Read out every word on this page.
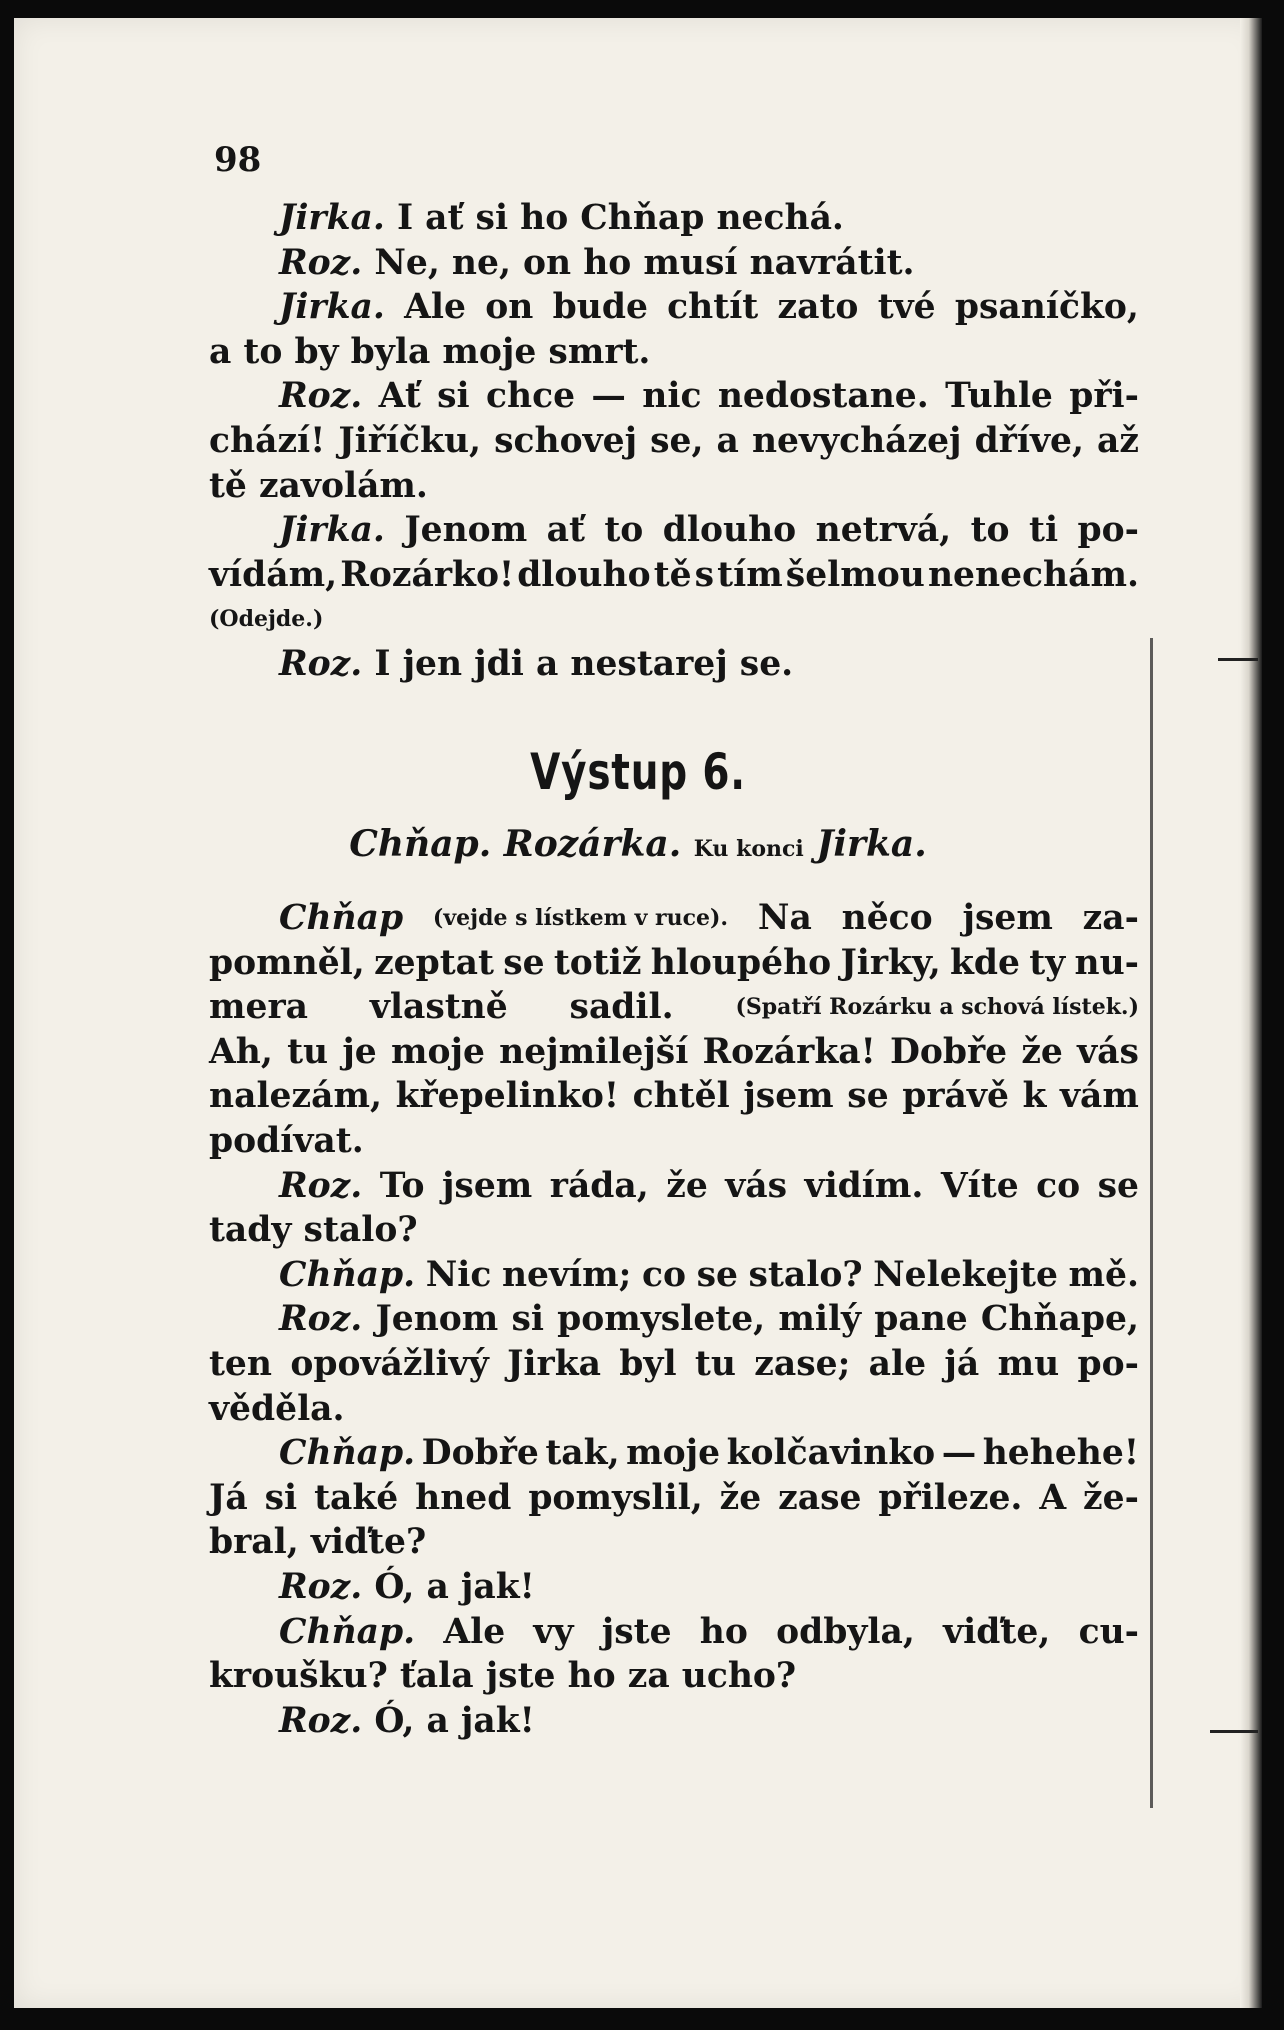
98
Jirka. I ať si ho Chňap nechá.
Roz. Ne, ne, on ho musí navrátit.
Jirka. Ale on bude chtít zato tvé psaníčko,
a to by byla moje smrt.
Roz. Ať si chce — nic nedostane. Tuhle při-
chází! Jiříčku, schovej se, a nevycházej dříve, až
tě zavolám.
Jirka. Jenom ať to dlouho netrvá, to ti po-
vídám, Rozárko! dlouho tě s tím šelmou nenechám.
(Odejde.)
Roz. I jen jdi a nestarej se.
Výstup 6.
Chňap. Rozárka. Ku konci Jirka.
Chňap (vejde s lístkem v ruce). Na něco jsem za-
pomněl, zeptat se totiž hloupého Jirky, kde ty nu-
mera vlastně sadil.	(Spatří Rozárku a schová lístek.)
Ah, tu je moje nejmilejší Rozárka! Dobře že vás
nalezám, křepelinko! chtěl jsem se právě k vám
podívat.
Roz. To jsem ráda, že vás vidím. Víte co se
tady stalo?
Chňap. Nic nevím; co se stalo? Nelekejte mě.
Roz. Jenom si pomyslete, milý pane Chňape,
ten opovážlivý Jirka byl tu zase; ale já mu po-
věděla.
Chňap. Dobře tak, moje kolčavinko — hehehe!
Já si také hned pomyslil, že zase přileze. A že-
bral, viďte?
Roz. Ó, a jak!
Chňap. Ale vy jste ho odbyla, viďte, cu-
kroušku? ťala jste ho za ucho?
Roz. Ó, a jak!
